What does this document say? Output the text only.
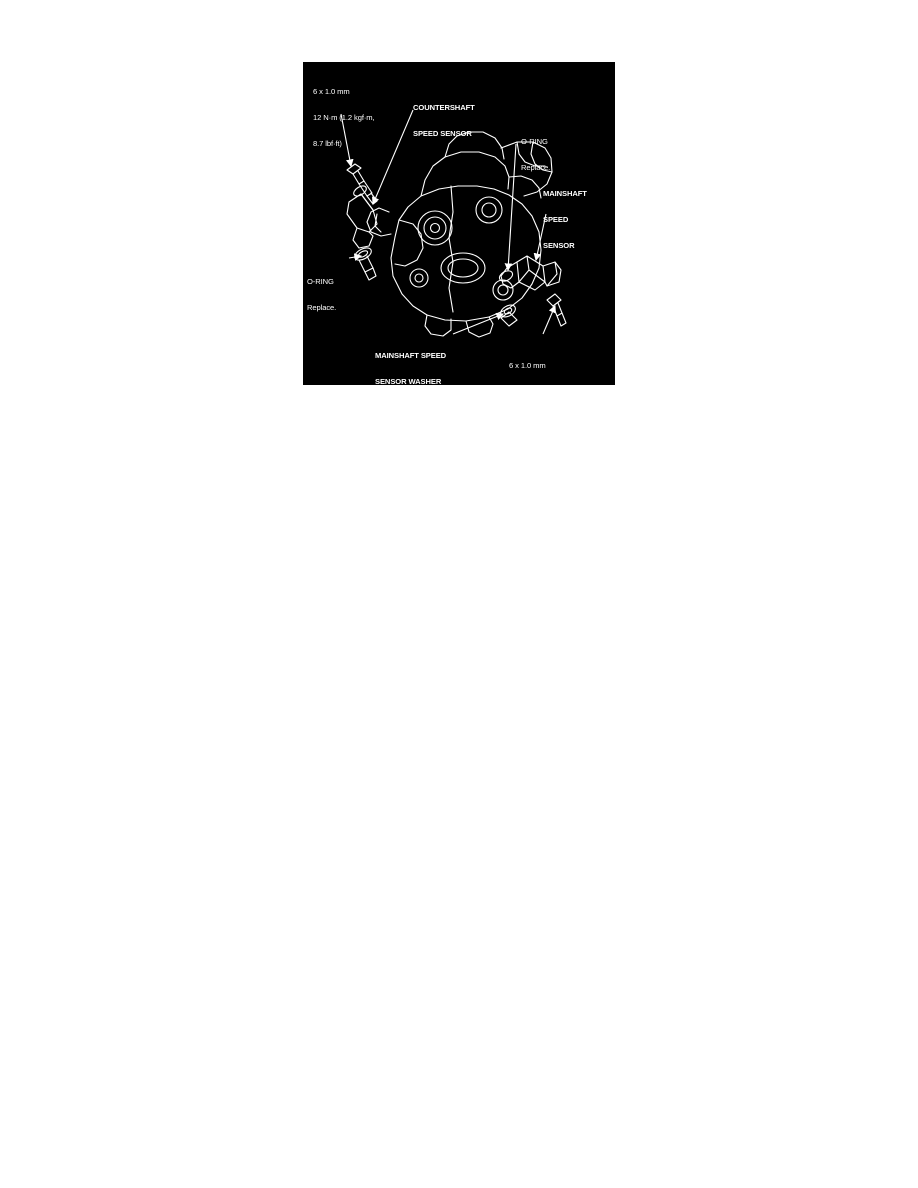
6 x 1.0 mm

12 N·m (1.2 kgf·m,

8.7 lbf·ft)

COUNTERSHAFT

SPEED SENSOR

O-RING

Replace.

MAINSHAFT

SPEED

SENSOR

O-RING

Replace.

MAINSHAFT SPEED

SENSOR WASHER

(D16Y7 engine)

6 x 1.0 mm

12 N·m (1.2 kgf·m,

8.7 lbf·ft)
